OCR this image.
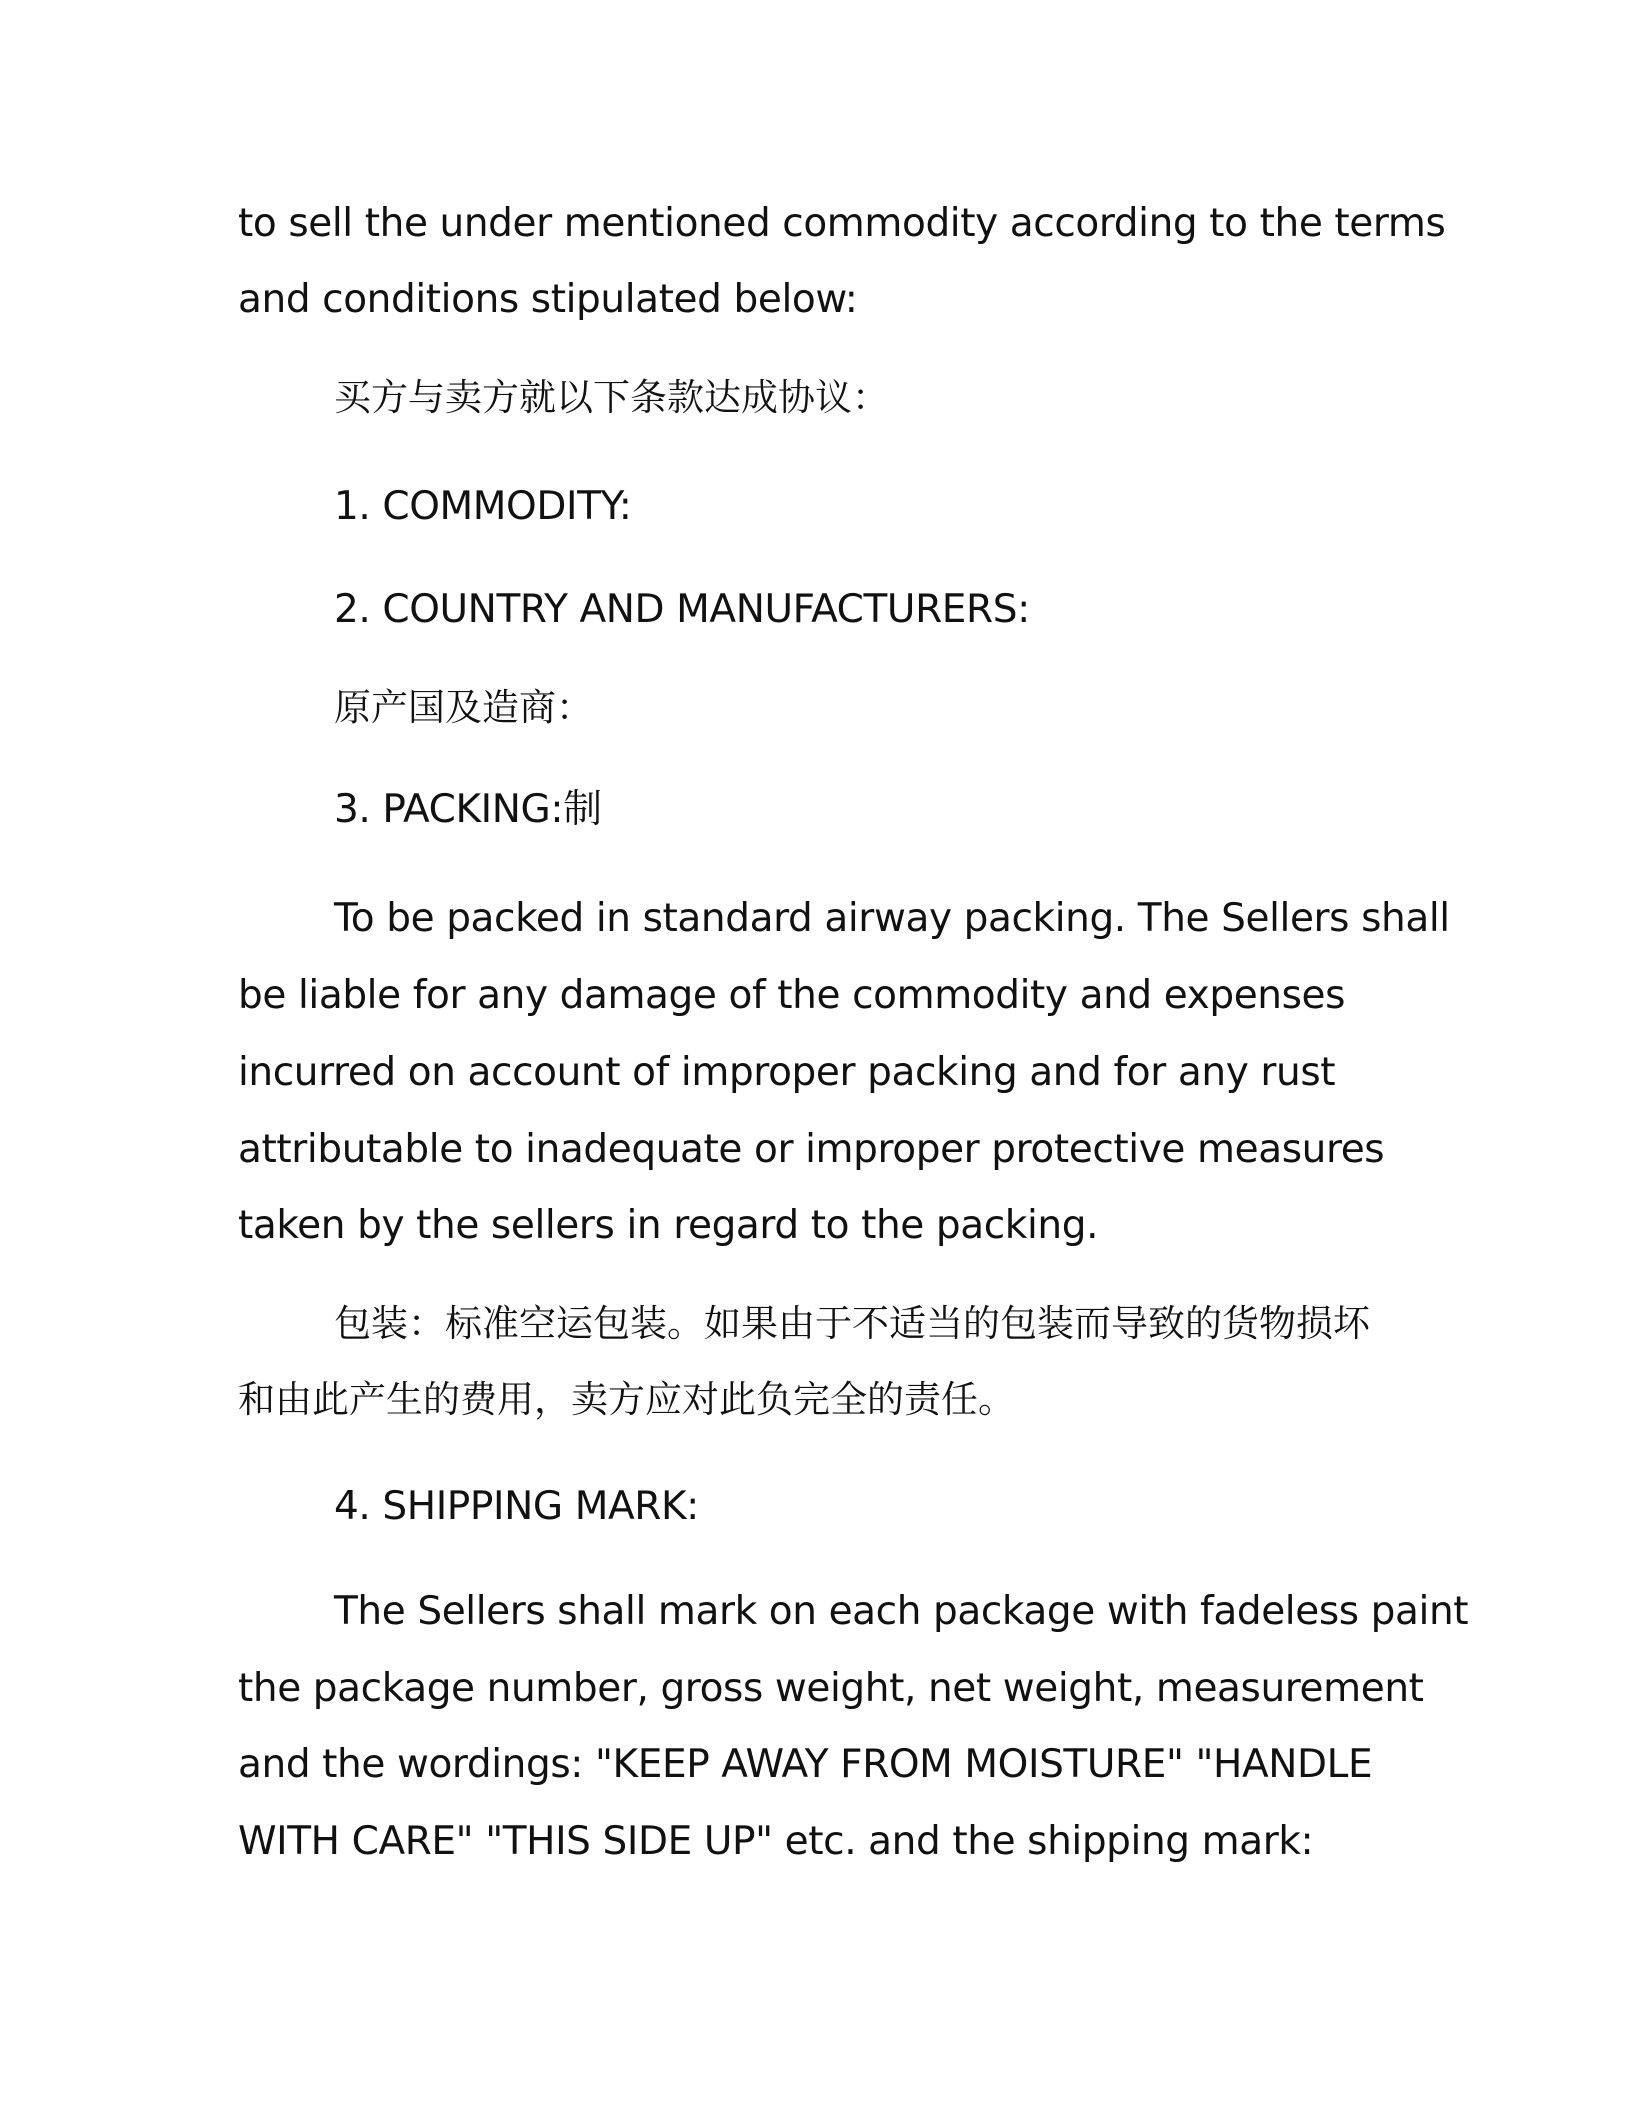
to sell the under mentioned commodity according to the terms
and conditions stipulated below:
买方与卖方就以下条款达成协议：
1. COMMODITY:
2. COUNTRY AND MANUFACTURERS:
原产国及造商：
3. PACKING:制
To be packed in standard airway packing. The Sellers shall
be liable for any damage of the commodity and expenses
incurred on account of improper packing and for any rust
attributable to inadequate or improper protective measures
taken by the sellers in regard to the packing.
包装：标准空运包装。如果由于不适当的包装而导致的货物损坏
和由此产生的费用，卖方应对此负完全的责任。
4. SHIPPING MARK:
The Sellers shall mark on each package with fadeless paint
the package number, gross weight, net weight, measurement
and the wordings: "KEEP AWAY FROM MOISTURE" "HANDLE
WITH CARE" "THIS SIDE UP" etc. and the shipping mark:
